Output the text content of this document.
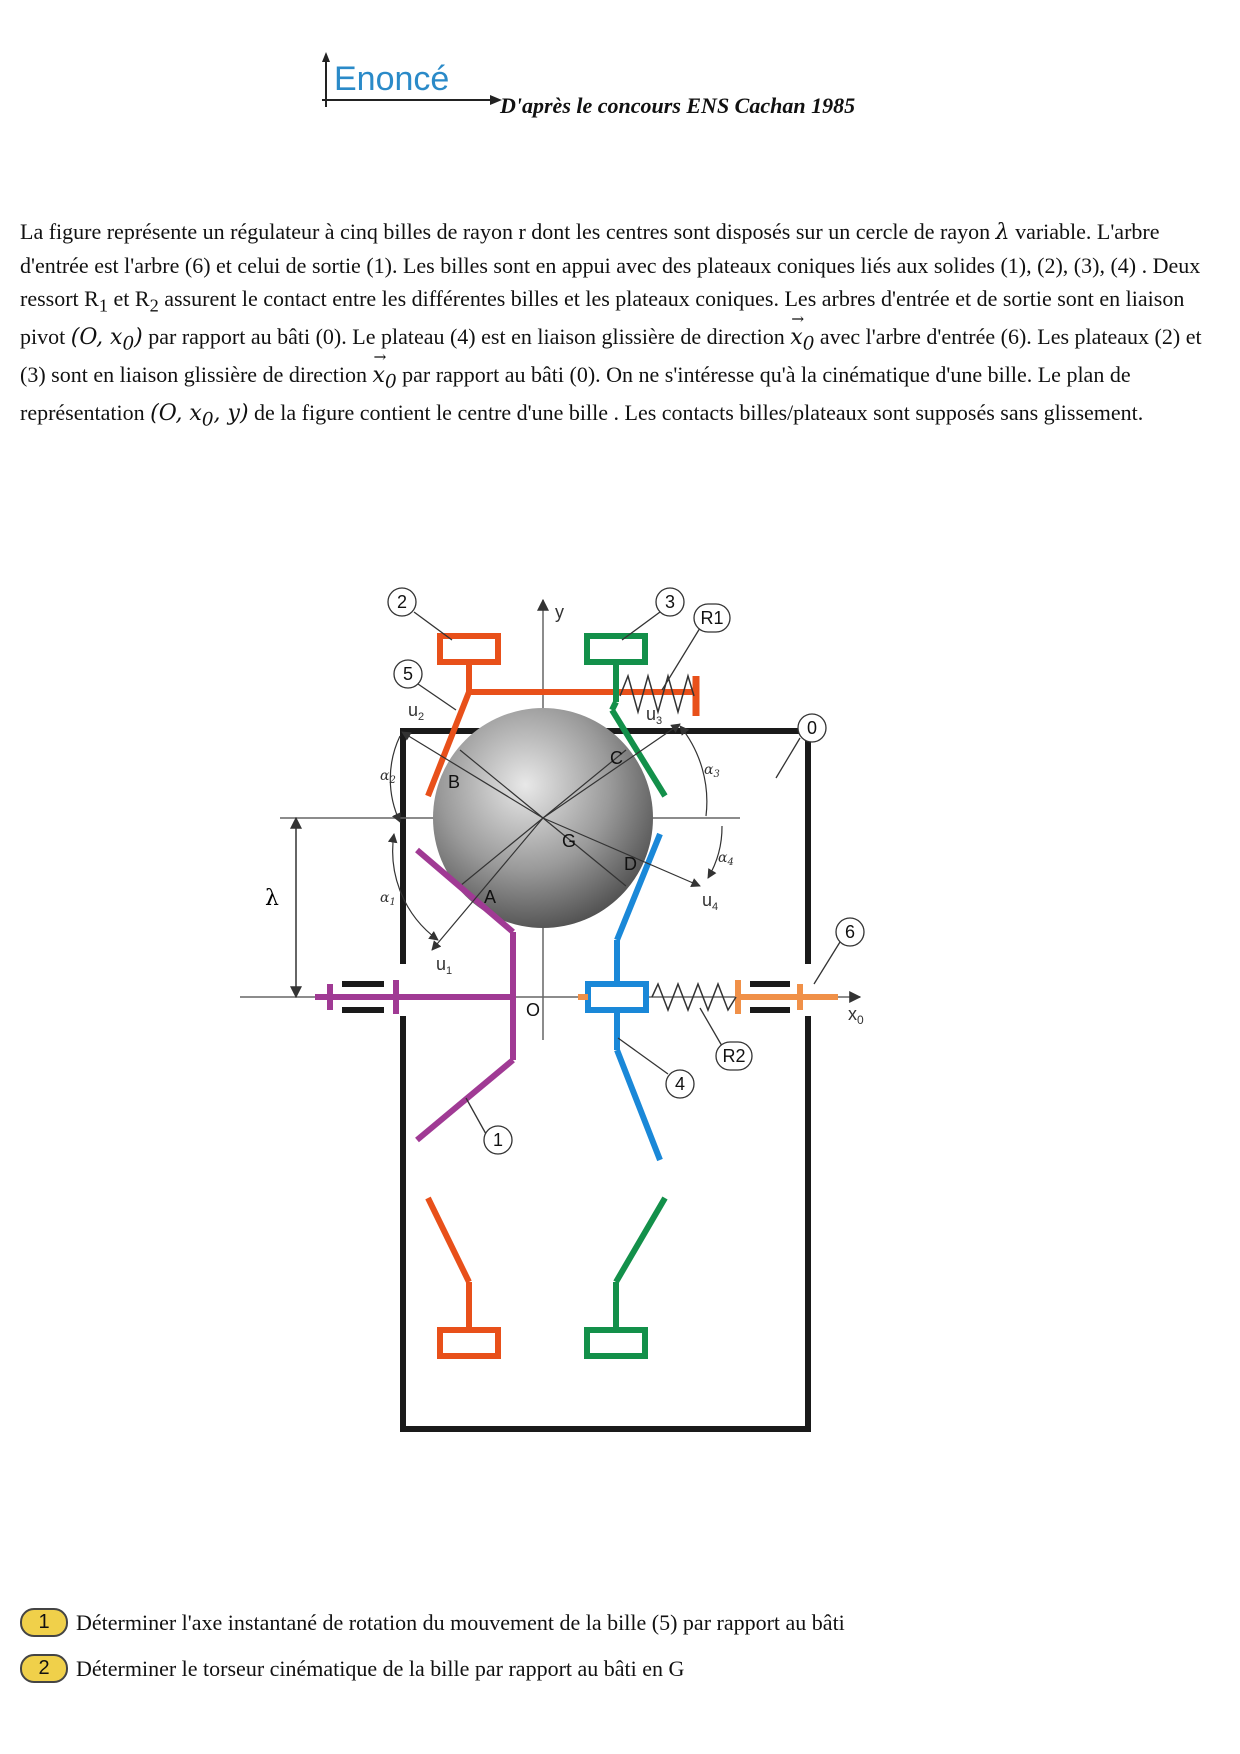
Enoncé
D'après le concours ENS Cachan 1985

La figure représente un régulateur à cinq billes de rayon r dont les centres sont disposés sur un cercle de rayon λ variable. L'arbre d'entrée est l'arbre (6) et celui de sortie (1). Les billes sont en appui avec des plateaux coniques liés aux solides (1), (2), (3), (4) . Deux ressort $R_1$ et $R_2$ assurent le contact entre les différentes billes et les plateaux coniques. Les arbres d'entrée et de sortie sont en liaison pivot (O, $x_0$) par rapport au bâti (0). Le plateau (4) est en liaison glissière de direction → $x_0$ avec l'arbre d'entrée (6). Les plateaux (2) et (3) sont en liaison glissière de direction → $x_0$ par rapport au bâti (0). On ne s'intéresse qu'à la cinématique d'une bille. Le plan de représentation (O, $x_0$, y) de la figure contient le centre d'une bille . Les contacts billes/plateaux sont supposés sans glissement.

λ
B
C
G
D
A
O
y
$x_0$
$u_1$
$u_2$	$u_3$
$u_4$
$\alpha_2$
$\alpha_1$
$\alpha_3$
$\alpha_4$
2	3
R1
5
0
6
R2
4
1
1	Déterminer l'axe instantané de rotation du mouvement de la bille (5) par rapport au bâti
2	Déterminer le torseur cinématique de la bille par rapport au bâti en G
